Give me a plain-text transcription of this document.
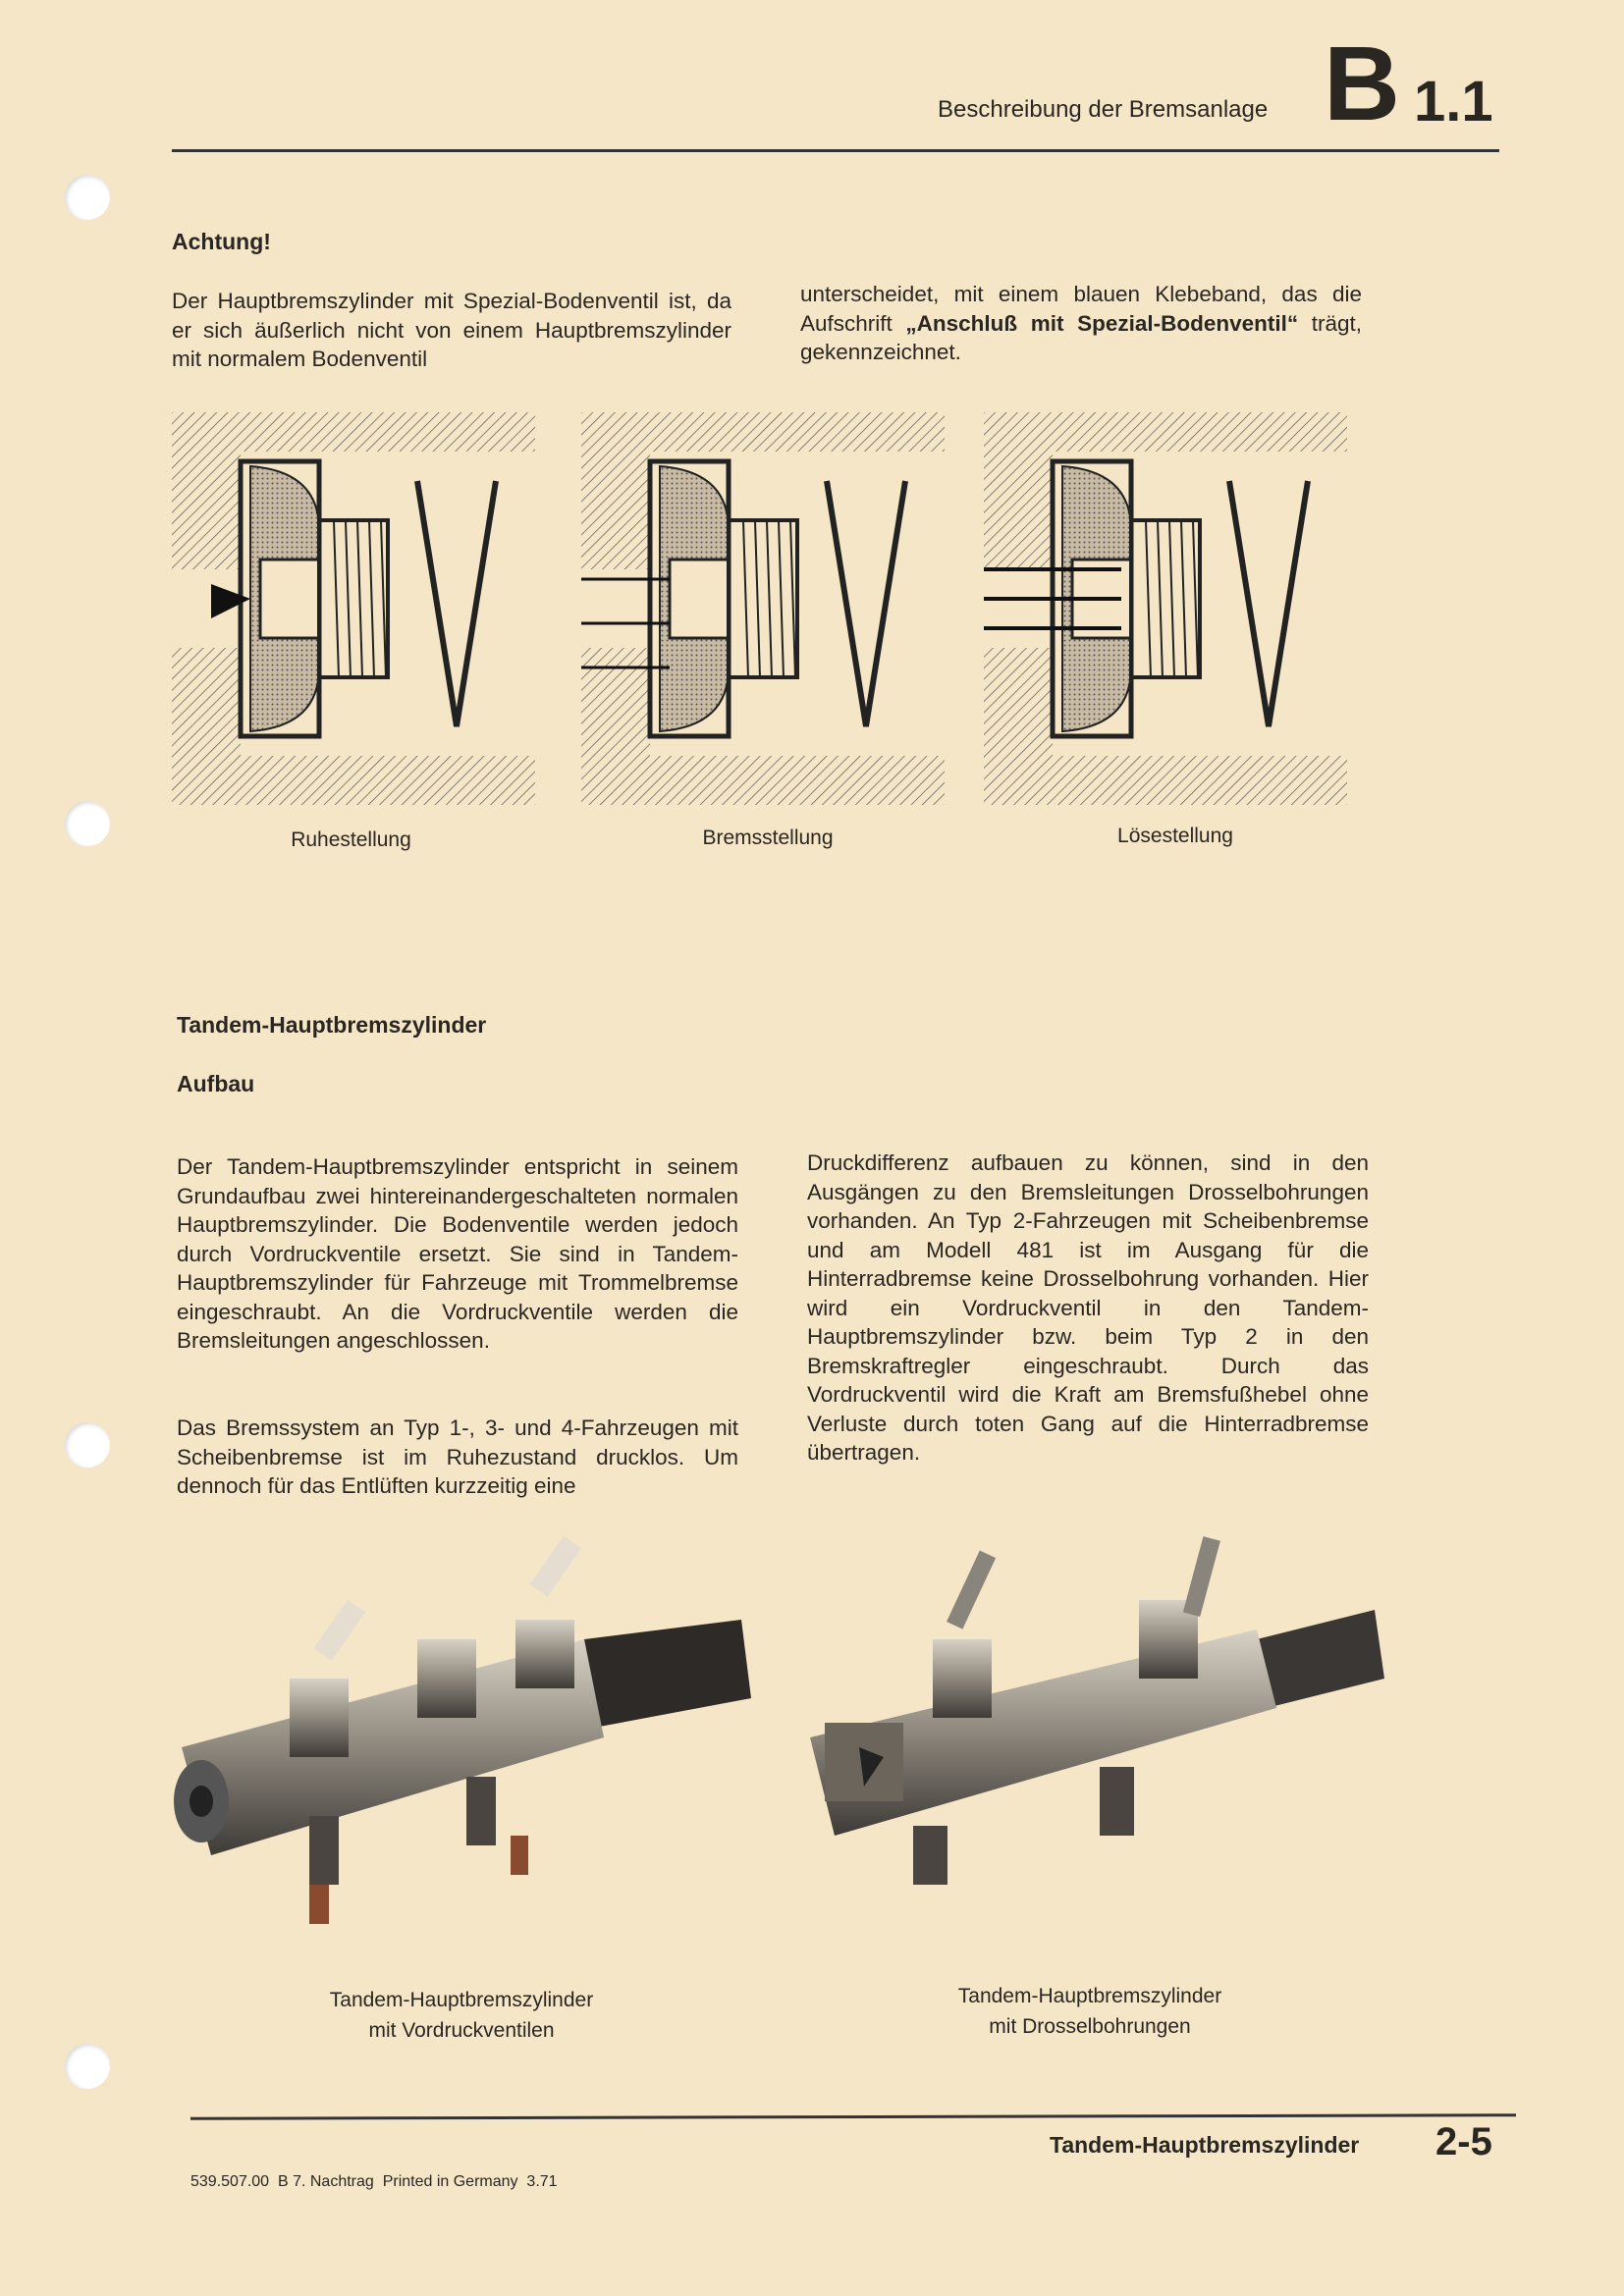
Beschreibung der Bremsanlage B 1.1
Achtung!
Der Hauptbremszylinder mit Spezial-Bodenventil ist, da er sich äußerlich nicht von einem Hauptbremszylinder mit normalem Bodenventil
unterscheidet, mit einem blauen Klebeband, das die Aufschrift „Anschluß mit Spezial-Bodenventil“ trägt, gekennzeichnet.
Ruhestellung	Bremsstellung	Lösestellung
Tandem-Hauptbremszylinder
Aufbau
Der Tandem-Hauptbremszylinder entspricht in seinem Grundaufbau zwei hintereinandergeschalteten normalen Hauptbremszylinder. Die Bodenventile werden jedoch durch Vordruckventile ersetzt. Sie sind in Tandem-Hauptbremszylinder für Fahrzeuge mit Trommelbremse eingeschraubt. An die Vordruckventile werden die Bremsleitungen angeschlossen.
Das Bremssystem an Typ 1-, 3- und 4-Fahrzeugen mit Scheibenbremse ist im Ruhezustand drucklos. Um dennoch für das Entlüften kurzzeitig eine
Druckdifferenz aufbauen zu können, sind in den Ausgängen zu den Bremsleitungen Drosselbohrungen vorhanden. An Typ 2-Fahrzeugen mit Scheibenbremse und am Modell 481 ist im Ausgang für die Hinterradbremse keine Drosselbohrung vorhanden. Hier wird ein Vordruckventil in den Tandem-Hauptbremszylinder bzw. beim Typ 2 in den Bremskraftregler eingeschraubt. Durch das Vordruckventil wird die Kraft am Bremsfußhebel ohne Verluste durch toten Gang auf die Hinterradbremse übertragen.
Tandem-Hauptbremszylinder
mit Vordruckventilen
Tandem-Hauptbremszylinder
mit Drosselbohrungen
Tandem-Hauptbremszylinder 2-5
539.507.00  B 7. Nachtrag  Printed in Germany  3.71
